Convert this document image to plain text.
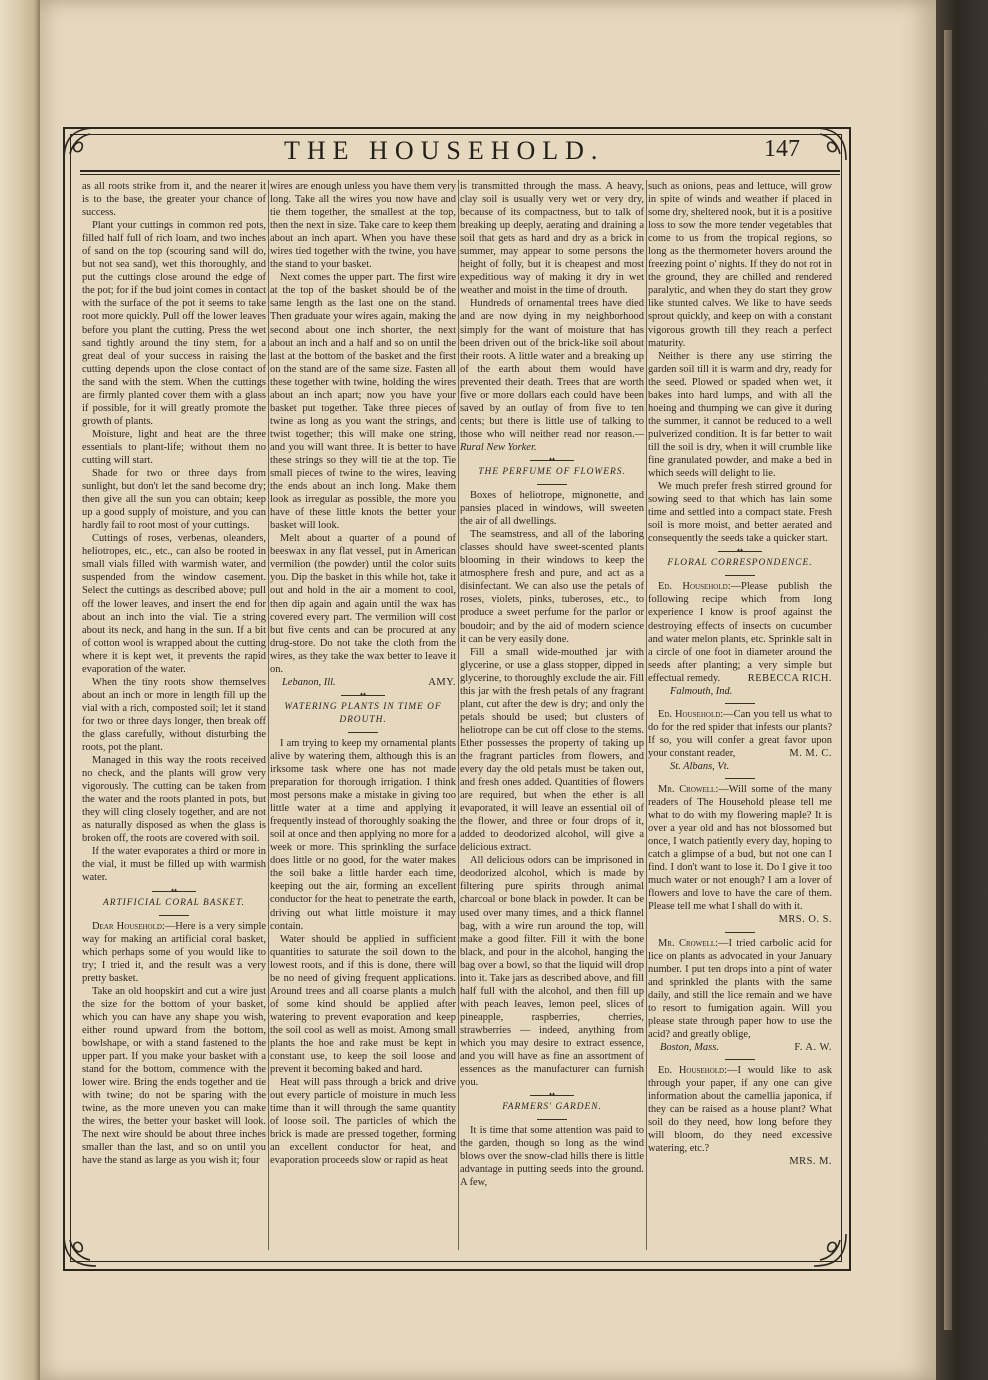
THE HOUSEHOLD.	147

as all roots strike from it, and the nearer it is to the base, the greater your chance of success.

Plant your cuttings in common red pots, filled half full of rich loam, and two inches of sand on the top (scouring sand will do, but not sea sand), wet this thoroughly, and put the cuttings close around the edge of the pot; for if the bud joint comes in contact with the surface of the pot it seems to take root more quickly. Pull off the lower leaves before you plant the cutting. Press the wet sand tightly around the tiny stem, for a great deal of your success in raising the cutting depends upon the close contact of the sand with the stem. When the cuttings are firmly planted cover them with a glass if possible, for it will greatly promote the growth of plants.

Moisture, light and heat are the three essentials to plant-life; without them no cutting will start.

Shade for two or three days from sunlight, but don't let the sand become dry; then give all the sun you can obtain; keep up a good supply of moisture, and you can hardly fail to root most of your cuttings.

Cuttings of roses, verbenas, oleanders, heliotropes, etc., etc., can also be rooted in small vials filled with warmish water, and suspended from the window casement. Select the cuttings as described above; pull off the lower leaves, and insert the end for about an inch into the vial. Tie a string about its neck, and hang in the sun. If a bit of cotton wool is wrapped about the cutting where it is kept wet, it prevents the rapid evaporation of the water.

When the tiny roots show themselves about an inch or more in length fill up the vial with a rich, composted soil; let it stand for two or three days longer, then break off the glass carefully, without disturbing the roots, pot the plant.

Managed in this way the roots received no check, and the plants will grow very vigorously. The cutting can be taken from the water and the roots planted in pots, but they will cling closely together, and are not as naturally disposed as when the glass is broken off, the roots are covered with soil.

If the water evaporates a third or more in the vial, it must be filled up with warmish water.

♦♦

ARTIFICIAL CORAL BASKET.

Dear Household:—Here is a very simple way for making an artificial coral basket, which perhaps some of you would like to try; I tried it, and the result was a very pretty basket.

Take an old hoopskirt and cut a wire just the size for the bottom of your basket, which you can have any shape you wish, either round upward from the bottom, bowlshape, or with a stand fastened to the upper part. If you make your basket with a stand for the bottom, commence with the lower wire. Bring the ends together and tie with twine; do not be sparing with the twine, as the more uneven you can make the wires, the better your basket will look. The next wire should be about three inches smaller than the last, and so on until you have the stand as large as you wish it; four

wires are enough unless you have them very long. Take all the wires you now have and tie them together, the smallest at the top, then the next in size. Take care to keep them about an inch apart. When you have these wires tied together with the twine, you have the stand to your basket.

Next comes the upper part. The first wire at the top of the basket should be of the same length as the last one on the stand. Then graduate your wires again, making the second about one inch shorter, the next about an inch and a half and so on until the last at the bottom of the basket and the first on the stand are of the same size. Fasten all these together with twine, holding the wires about an inch apart; now you have your basket put together. Take three pieces of twine as long as you want the strings, and twist together; this will make one string, and you will want three. It is better to have these strings so they will tie at the top. Tie small pieces of twine to the wires, leaving the ends about an inch long. Make them look as irregular as possible, the more you have of these little knots the better your basket will look.

Melt about a quarter of a pound of beeswax in any flat vessel, put in American vermilion (the powder) until the color suits you. Dip the basket in this while hot, take it out and hold in the air a moment to cool, then dip again and again until the wax has covered every part. The vermilion will cost but five cents and can be procured at any drug-store. Do not take the cloth from the wires, as they take the wax better to leave it on.

Lebanon, Ill.	AMY.
♦♦

WATERING PLANTS IN TIME OF DROUTH.

I am trying to keep my ornamental plants alive by watering them, although this is an irksome task where one has not made preparation for thorough irrigation. I think most persons make a mistake in giving too little water at a time and applying it frequently instead of thoroughly soaking the soil at once and then applying no more for a week or more. This sprinkling the surface does little or no good, for the water makes the soil bake a little harder each time, keeping out the air, forming an excellent conductor for the heat to penetrate the earth, driving out what little moisture it may contain.

Water should be applied in sufficient quantities to saturate the soil down to the lowest roots, and if this is done, there will be no need of giving frequent applications. Around trees and all coarse plants a mulch of some kind should be applied after watering to prevent evaporation and keep the soil cool as well as moist. Among small plants the hoe and rake must be kept in constant use, to keep the soil loose and prevent it becoming baked and hard.

Heat will pass through a brick and drive out every particle of moisture in much less time than it will through the same quantity of loose soil. The particles of which the brick is made are pressed together, forming an excellent conductor for heat, and evaporation proceeds slow or rapid as heat

is transmitted through the mass. A heavy, clay soil is usually very wet or very dry, because of its compactness, but to talk of breaking up deeply, aerating and draining a soil that gets as hard and dry as a brick in summer, may appear to some persons the height of folly, but it is cheapest and most expeditious way of making it dry in wet weather and moist in the time of drouth.

Hundreds of ornamental trees have died and are now dying in my neighborhood simply for the want of moisture that has been driven out of the brick-like soil about their roots. A little water and a breaking up of the earth about them would have prevented their death. Trees that are worth five or more dollars each could have been saved by an outlay of from five to ten cents; but there is little use of talking to those who will neither read nor reason.—Rural New Yorker.

♦♦

THE PERFUME OF FLOWERS.

Boxes of heliotrope, mignonette, and pansies placed in windows, will sweeten the air of all dwellings.

The seamstress, and all of the laboring classes should have sweet-scented plants blooming in their windows to keep the atmosphere fresh and pure, and act as a disinfectant. We can also use the petals of roses, violets, pinks, tuberoses, etc., to produce a sweet perfume for the parlor or boudoir; and by the aid of modern science it can be very easily done.

Fill a small wide-mouthed jar with glycerine, or use a glass stopper, dipped in glycerine, to thoroughly exclude the air. Fill this jar with the fresh petals of any fragrant plant, cut after the dew is dry; and only the petals should be used; but clusters of heliotrope can be cut off close to the stems. Ether possesses the property of taking up the fragrant particles from flowers, and every day the old petals must be taken out, and fresh ones added. Quantities of flowers are required, but when the ether is all evaporated, it will leave an essential oil of the flower, and three or four drops of it, added to deodorized alcohol, will give a delicious extract.

All delicious odors can be imprisoned in deodorized alcohol, which is made by filtering pure spirits through animal charcoal or bone black in powder. It can be used over many times, and a thick flannel bag, with a wire run around the top, will make a good filter. Fill it with the bone black, and pour in the alcohol, hanging the bag over a bowl, so that the liquid will drop into it. Take jars as described above, and fill half full with the alcohol, and then fill up with peach leaves, lemon peel, slices of pineapple, raspberries, cherries, strawberries — indeed, anything from which you may desire to extract essence, and you will have as fine an assortment of essences as the manufacturer can furnish you.

♦♦

FARMERS' GARDEN.

It is time that some attention was paid to the garden, though so long as the wind blows over the snow-clad hills there is little advantage in putting seeds into the ground. A few,

such as onions, peas and lettuce, will grow in spite of winds and weather if placed in some dry, sheltered nook, but it is a positive loss to sow the more tender vegetables that come to us from the tropical regions, so long as the thermometer hovers around the freezing point o' nights. If they do not rot in the ground, they are chilled and rendered paralytic, and when they do start they grow like stunted calves. We like to have seeds sprout quickly, and keep on with a constant vigorous growth till they reach a perfect maturity.

Neither is there any use stirring the garden soil till it is warm and dry, ready for the seed. Plowed or spaded when wet, it bakes into hard lumps, and with all the hoeing and thumping we can give it during the summer, it cannot be reduced to a well pulverized condition. It is far better to wait till the soil is dry, when it will crumble like fine granulated powder, and make a bed in which seeds will delight to lie.

We much prefer fresh stirred ground for sowing seed to that which has lain some time and settled into a compact state. Fresh soil is more moist, and better aerated and consequently the seeds take a quicker start.

♦♦

FLORAL CORRESPONDENCE.

Ed. Household:—Please publish the following recipe which from long experience I know is proof against the destroying effects of insects on cucumber and water melon plants, etc. Sprinkle salt in a circle of one foot in diameter around the seeds after planting; a very simple but effectual remedy.	REBECCA RICH.

Falmouth, Ind.

Ed. Household:—Can you tell us what to do for the red spider that infests our plants? If so, you will confer a great favor upon your constant reader,	M. M. C.

St. Albans, Vt.

Mr. Crowell:—Will some of the many readers of The Household please tell me what to do with my flowering maple? It is over a year old and has not blossomed but once, I watch patiently every day, hoping to catch a glimpse of a bud, but not one can I find. I don't want to lose it. Do I give it too much water or not enough? I am a lover of flowers and love to have the care of them. Please tell me what I shall do with it.

MRS. O. S.

Mr. Crowell:—I tried carbolic acid for lice on plants as advocated in your January number. I put ten drops into a pint of water and sprinkled the plants with the same daily, and still the lice remain and we have to resort to fumigation again. Will you please state through paper how to use the acid? and greatly oblige,

Boston, Mass.	F. A. W.

Ed. Household:—I would like to ask through your paper, if any one can give information about the camellia japonica, if they can be raised as a house plant? What soil do they need, how long before they will bloom, do they need excessive watering, etc.?

MRS. M.
